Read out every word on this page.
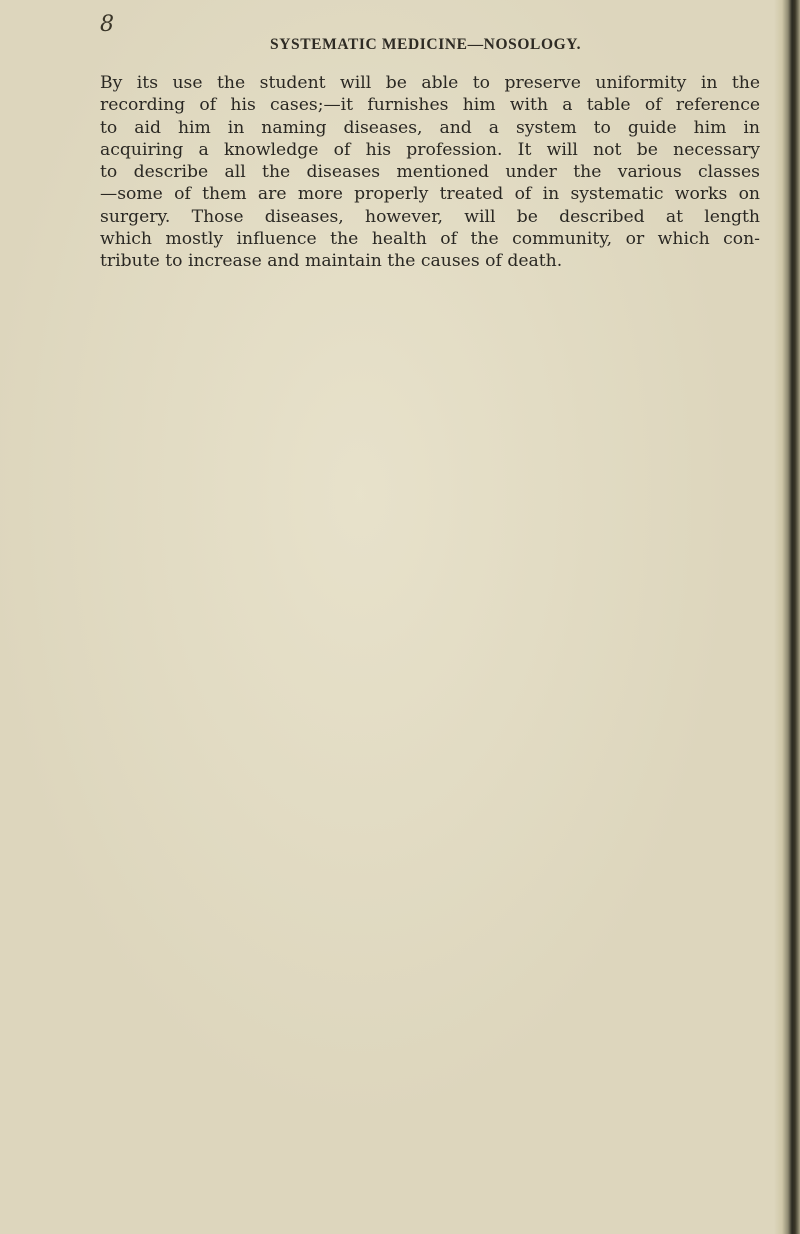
8
SYSTEMATIC MEDICINE—NOSOLOGY.
By its use the student will be able to preserve uniformity in the
recording of his cases;—it furnishes him with a table of reference
to aid him in naming diseases, and a system to guide him in
acquiring a knowledge of his profession. It will not be necessary
to describe all the diseases mentioned under the various classes
—some of them are more properly treated of in systematic works on
surgery. Those diseases, however, will be described at length
which mostly influence the health of the community, or which con-
tribute to increase and maintain the causes of death.
